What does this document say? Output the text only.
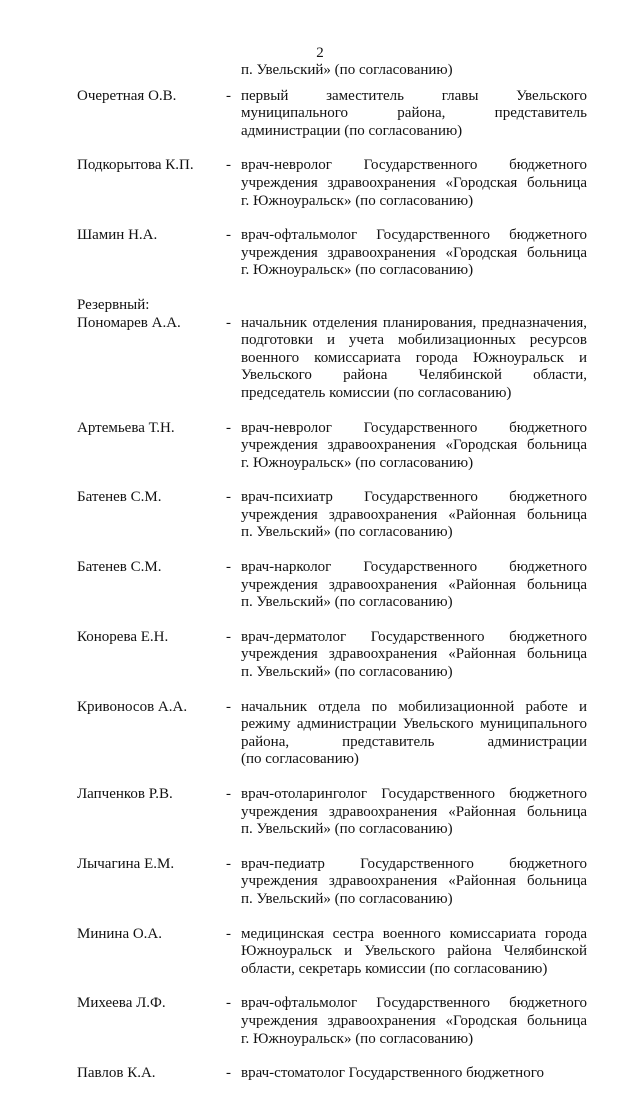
2
п. Увельский» (по согласованию)
Очеретная О.В.	- первый заместитель главы Увельского
муниципального района, представитель
администрации (по согласованию)
Подкорытова К.П. - врач-невролог Государственного бюджетного
учреждения здравоохранения «Городская больница
г. Южноуральск» (по согласованию)
Шамин Н.А.	- врач-офтальмолог Государственного бюджетного
учреждения здравоохранения «Городская больница
г. Южноуральск» (по согласованию)
Резервный:
Пономарев А.А.	- начальник отделения планирования, предназначения,
подготовки и учета мобилизационных ресурсов
военного комиссариата города Южноуральск и
Увельского района Челябинской области,
председатель комиссии (по согласованию)
Артемьева Т.Н.	- врач-невролог Государственного бюджетного
учреждения здравоохранения «Городская больница
г. Южноуральск» (по согласованию)
Батенев С.М.	- врач-психиатр Государственного бюджетного
учреждения здравоохранения «Районная больница
п. Увельский» (по согласованию)
Батенев С.М.	- врач-нарколог Государственного бюджетного
учреждения здравоохранения «Районная больница
п. Увельский» (по согласованию)
Конорева Е.Н.	- врач-дерматолог Государственного бюджетного
учреждения здравоохранения «Районная больница
п. Увельский» (по согласованию)
Кривоносов А.А.	- начальник отдела по мобилизационной работе и
режиму администрации Увельского муниципального
района, представитель администрации
(по согласованию)
Лапченков Р.В.	- врач-отоларинголог Государственного бюджетного
учреждения здравоохранения «Районная больница
п. Увельский» (по согласованию)
Лычагина Е.М.	- врач-педиатр Государственного бюджетного
учреждения здравоохранения «Районная больница
п. Увельский» (по согласованию)
Минина О.А.	- медицинская сестра военного комиссариата города
Южноуральск и Увельского района Челябинской
области, секретарь комиссии (по согласованию)
Михеева Л.Ф.	- врач-офтальмолог Государственного бюджетного
учреждения здравоохранения «Городская больница
г. Южноуральск» (по согласованию)
Павлов К.А.	- врач-стоматолог Государственного бюджетного
